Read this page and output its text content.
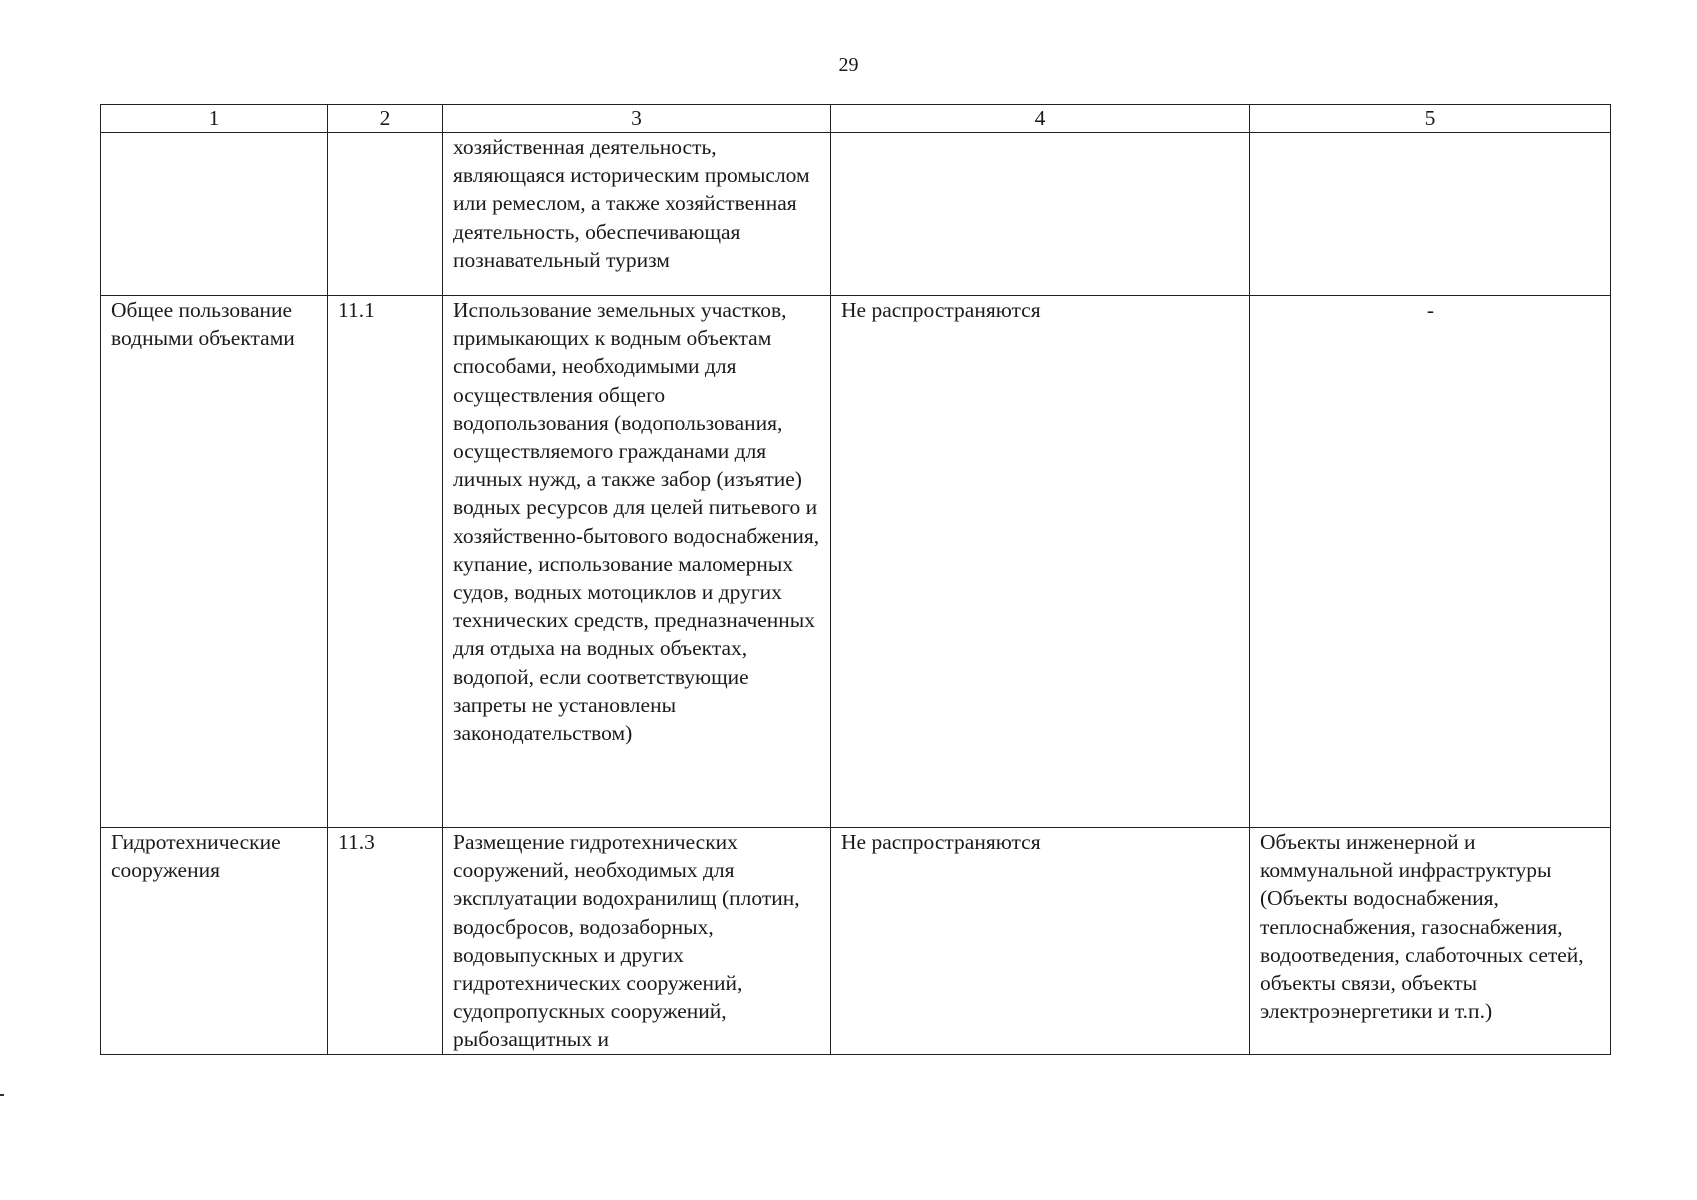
29
1	2	3	4	5
		хозяйственная деятельность, являющаяся историческим промыслом или ремеслом, а также хозяйственная деятельность, обеспечивающая познавательный туризм		
Общее пользование водными объектами	11.1	Использование земельных участков, примыкающих к водным объектам способами, необходимыми для осуществления общего водопользования (водопользования, осуществляемого гражданами для личных нужд, а также забор (изъятие) водных ресурсов для целей питьевого и хозяйственно-бытового водоснабжения, купание, использование маломерных судов, водных мотоциклов и других технических средств, предназначенных для отдыха на водных объектах, водопой, если соответствующие запреты не установлены законодательством)	Не распространяются	-
Гидротехнические сооружения	11.3	Размещение гидротехнических сооружений, необходимых для эксплуатации водохранилищ (плотин, водосбросов, водозаборных, водовыпускных и других гидротехнических сооружений, судопропускных сооружений, рыбозащитных и	Не распространяются	Объекты инженерной и коммунальной инфраструктуры (Объекты водоснабжения, теплоснабжения, газоснабжения, водоотведения, слаботочных сетей, объекты связи, объекты электроэнергетики и т.п.)
